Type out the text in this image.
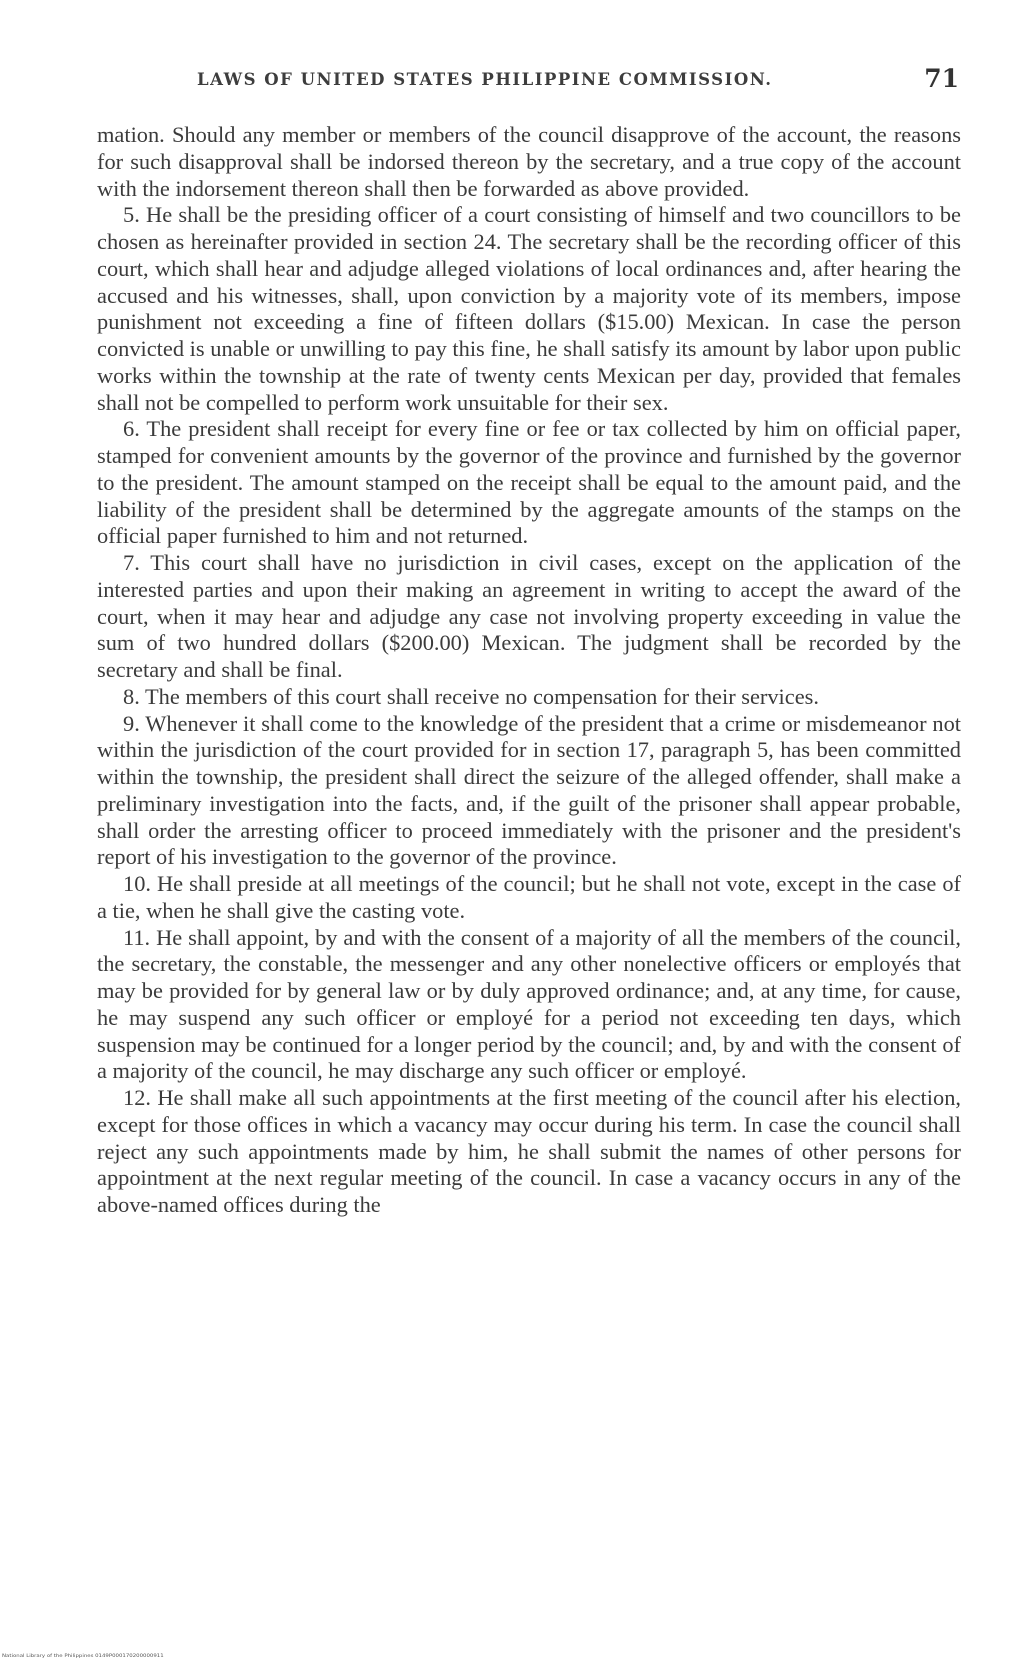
LAWS OF UNITED STATES PHILIPPINE COMMISSION.	71

mation. Should any member or members of the council disapprove of the account, the reasons for such disapproval shall be indorsed thereon by the secretary, and a true copy of the account with the indorsement thereon shall then be forwarded as above provided.

5. He shall be the presiding officer of a court consisting of himself and two councillors to be chosen as hereinafter provided in section 24. The secretary shall be the recording officer of this court, which shall hear and adjudge alleged violations of local ordinances and, after hearing the accused and his witnesses, shall, upon conviction by a majority vote of its members, impose punishment not exceeding a fine of fifteen dollars ($15.00) Mexican. In case the person convicted is unable or unwilling to pay this fine, he shall satisfy its amount by labor upon public works within the township at the rate of twenty cents Mexican per day, provided that females shall not be compelled to perform work unsuitable for their sex.

6. The president shall receipt for every fine or fee or tax collected by him on official paper, stamped for convenient amounts by the governor of the province and furnished by the governor to the president. The amount stamped on the receipt shall be equal to the amount paid, and the liability of the president shall be determined by the aggregate amounts of the stamps on the official paper furnished to him and not returned.

7. This court shall have no jurisdiction in civil cases, except on the application of the interested parties and upon their making an agreement in writing to accept the award of the court, when it may hear and adjudge any case not involving property exceeding in value the sum of two hundred dollars ($200.00) Mexican. The judgment shall be recorded by the secretary and shall be final.

8. The members of this court shall receive no compensation for their services.

9. Whenever it shall come to the knowledge of the president that a crime or misdemeanor not within the jurisdiction of the court provided for in section 17, paragraph 5, has been committed within the township, the president shall direct the seizure of the alleged offender, shall make a preliminary investigation into the facts, and, if the guilt of the prisoner shall appear probable, shall order the arresting officer to proceed immediately with the prisoner and the president's report of his investigation to the governor of the province.

10. He shall preside at all meetings of the council; but he shall not vote, except in the case of a tie, when he shall give the casting vote.

11. He shall appoint, by and with the consent of a majority of all the members of the council, the secretary, the constable, the messenger and any other nonelective officers or employés that may be provided for by general law or by duly approved ordinance; and, at any time, for cause, he may suspend any such officer or employé for a period not exceeding ten days, which suspension may be continued for a longer period by the council; and, by and with the consent of a majority of the council, he may discharge any such officer or employé.

12. He shall make all such appointments at the first meeting of the council after his election, except for those offices in which a vacancy may occur during his term. In case the council shall reject any such appointments made by him, he shall submit the names of other persons for appointment at the next regular meeting of the council. In case a vacancy occurs in any of the above-named offices during the

National Library of the Philippines 0149P000170200000911
